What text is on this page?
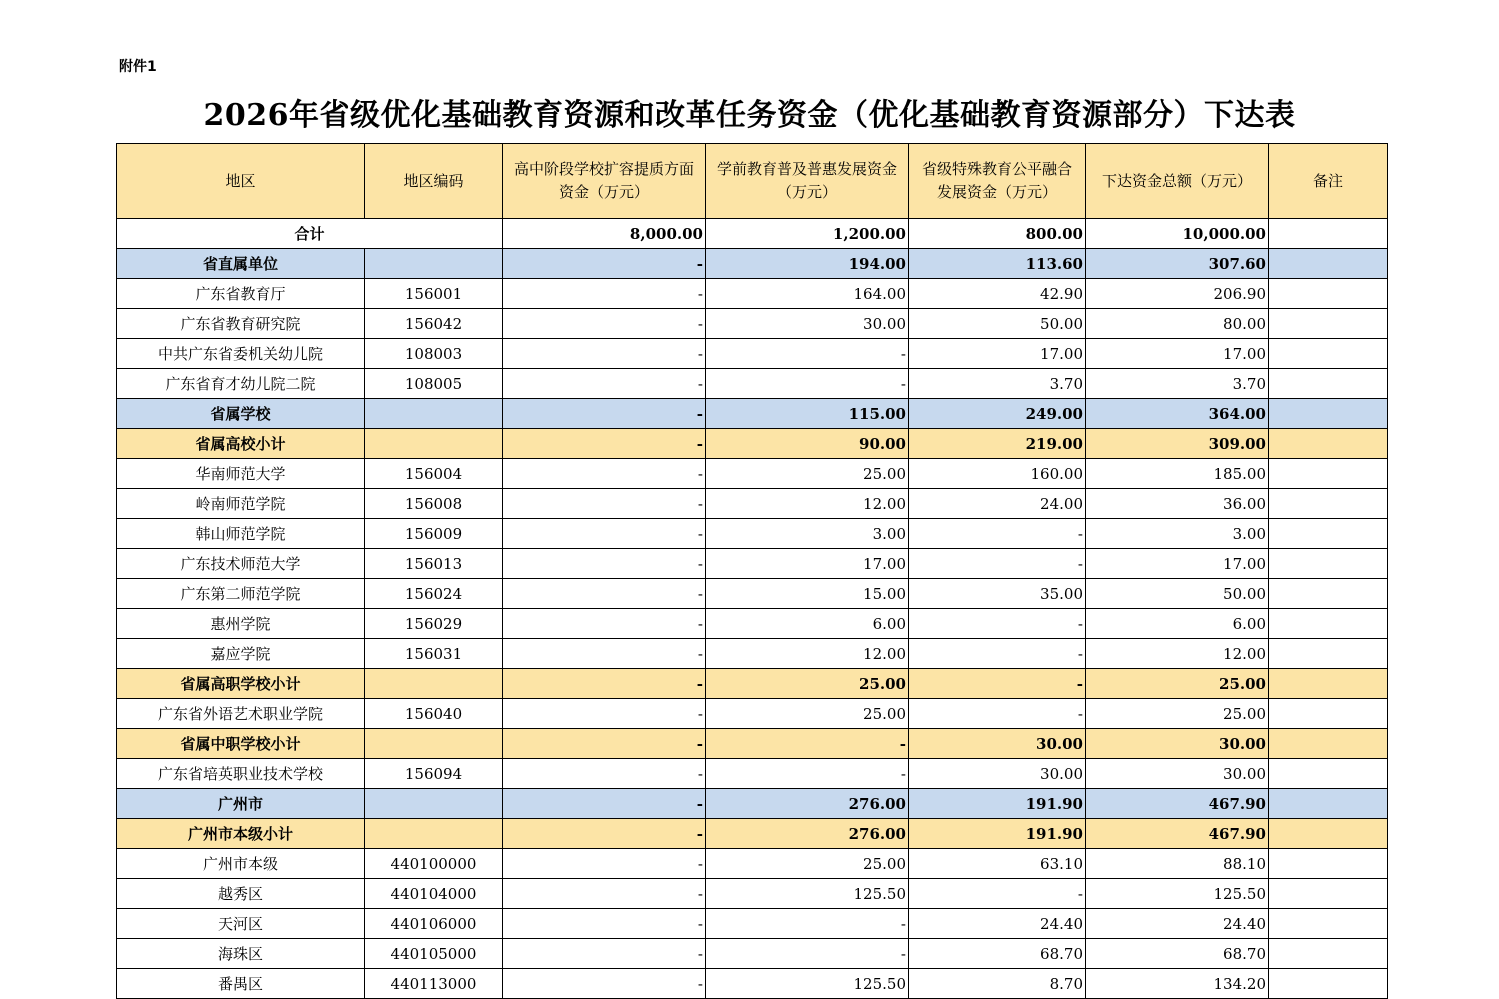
附件1
2026年省级优化基础教育资源和改革任务资金（优化基础教育资源部分）下达表
地区	地区编码	高中阶段学校扩容提质方面资金（万元）	学前教育普及普惠发展资金（万元）	省级特殊教育公平融合发展资金（万元）	下达资金总额（万元）	备注
合计		8,000.00	1,200.00	800.00	10,000.00	
省直属单位		-	194.00	113.60	307.60	
广东省教育厅	156001	-	164.00	42.90	206.90	
广东省教育研究院	156042	-	30.00	50.00	80.00	
中共广东省委机关幼儿院	108003	-	-	17.00	17.00	
广东省育才幼儿院二院	108005	-	-	3.70	3.70	
省属学校		-	115.00	249.00	364.00	
省属高校小计		-	90.00	219.00	309.00	
华南师范大学	156004	-	25.00	160.00	185.00	
岭南师范学院	156008	-	12.00	24.00	36.00	
韩山师范学院	156009	-	3.00	-	3.00	
广东技术师范大学	156013	-	17.00	-	17.00	
广东第二师范学院	156024	-	15.00	35.00	50.00	
惠州学院	156029	-	6.00	-	6.00	
嘉应学院	156031	-	12.00	-	12.00	
省属高职学校小计		-	25.00	-	25.00	
广东省外语艺术职业学院	156040	-	25.00	-	25.00	
省属中职学校小计		-	-	30.00	30.00	
广东省培英职业技术学校	156094	-	-	30.00	30.00	
广州市		-	276.00	191.90	467.90	
广州市本级小计		-	276.00	191.90	467.90	
广州市本级	440100000	-	25.00	63.10	88.10	
越秀区	440104000	-	125.50	-	125.50	
天河区	440106000	-	-	24.40	24.40	
海珠区	440105000	-	-	68.70	68.70	
番禺区	440113000	-	125.50	8.70	134.20	
